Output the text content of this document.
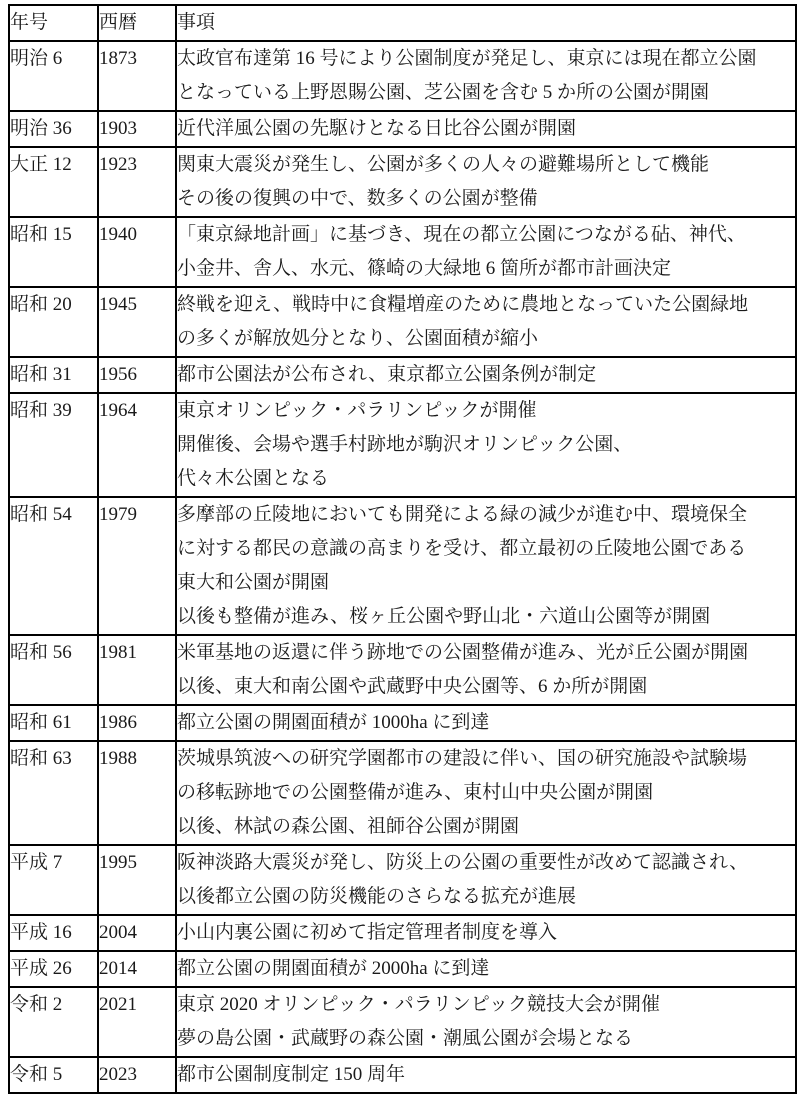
年号	西暦	事項
明治 6	1873	太政官布達第 16 号により公園制度が発足し、東京には現在都立公園
となっている上野恩賜公園、芝公園を含む 5 か所の公園が開園

明治 36	1903	近代洋風公園の先駆けとなる日比谷公園が開園

大正 12	1923	関東大震災が発生し、公園が多くの人々の避難場所として機能
その後の復興の中で、数多くの公園が整備

昭和 15	1940	「東京緑地計画」に基づき、現在の都立公園につながる砧、神代、
小金井、舎人、水元、篠崎の大緑地 6 箇所が都市計画決定

昭和 20	1945	終戦を迎え、戦時中に食糧増産のために農地となっていた公園緑地
の多くが解放処分となり、公園面積が縮小

昭和 31	1956	都市公園法が公布され、東京都立公園条例が制定

昭和 39	1964	東京オリンピック・パラリンピックが開催
開催後、会場や選手村跡地が駒沢オリンピック公園、
代々木公園となる

昭和 54	1979	多摩部の丘陵地においても開発による緑の減少が進む中、環境保全
に対する都民の意識の高まりを受け、都立最初の丘陵地公園である
東大和公園が開園
以後も整備が進み、桜ヶ丘公園や野山北・六道山公園等が開園

昭和 56	1981	米軍基地の返還に伴う跡地での公園整備が進み、光が丘公園が開園
以後、東大和南公園や武蔵野中央公園等、6 か所が開園

昭和 61	1986	都立公園の開園面積が 1000ha に到達

昭和 63	1988	茨城県筑波への研究学園都市の建設に伴い、国の研究施設や試験場
の移転跡地での公園整備が進み、東村山中央公園が開園
以後、林試の森公園、祖師谷公園が開園

平成 7	1995	阪神淡路大震災が発し、防災上の公園の重要性が改めて認識され、
以後都立公園の防災機能のさらなる拡充が進展

平成 16	2004	小山内裏公園に初めて指定管理者制度を導入

平成 26	2014	都立公園の開園面積が 2000ha に到達

令和 2	2021	東京 2020 オリンピック・パラリンピック競技大会が開催
夢の島公園・武蔵野の森公園・潮風公園が会場となる

令和 5	2023	都市公園制度制定 150 周年
